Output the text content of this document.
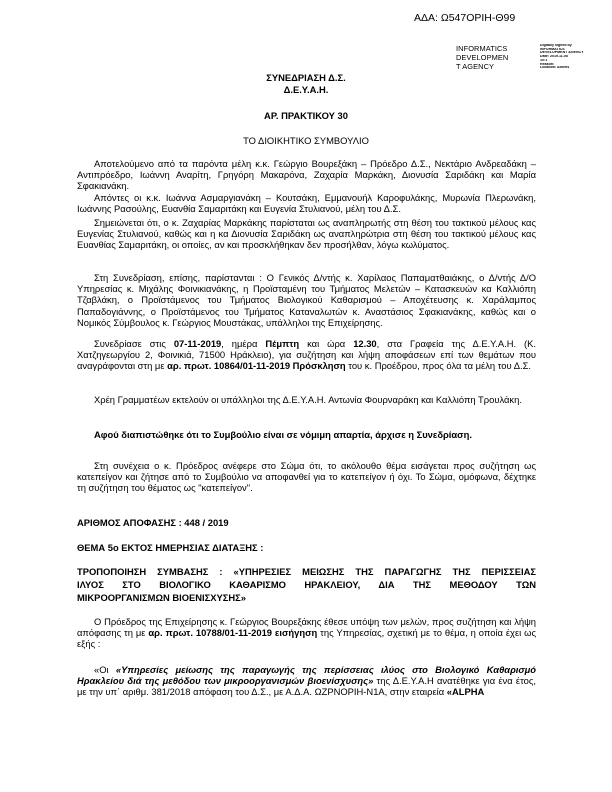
ΑΔΑ: Ω547ΟΡΙΗ-Θ99
INFORMATICS
DEVELOPMEN
T AGENCY
Digitally signed by
INFORMATICS
DEVELOPMENT AGENCY
Date: 2019.11.08
10:1
Reason:
Location: Athens
ΣΥΝΕΔΡΙΑΣΗ Δ.Σ.
Δ.Ε.Υ.Α.Η.
ΑΡ. ΠΡΑΚΤΙΚΟΥ 30
ΤΟ ΔΙΟΙΚΗΤΙΚΟ ΣΥΜΒΟΥΛΙΟ
Αποτελούμενο από τα παρόντα μέλη κ.κ. Γεώργιο Βουρεξάκη – Πρόεδρο Δ.Σ., Νεκτάριο Ανδρεαδάκη – Αντιπρόεδρο, Ιωάννη Αναρίτη, Γρηγόρη Μακαρόνα, Ζαχαρία Μαρκάκη, Διονυσία Σαριδάκη και Μαρία Σφακιανάκη.
Απόντες οι κ.κ. Ιωάννα Ασμαργιανάκη – Κουτσάκη, Εμμανουήλ Καροφυλάκης, Μυρωνία Πλερωνάκη, Ιωάννης Ρασούλης, Ευανθία Σαμαριτάκη και Ευγενία Στυλιανού, μέλη του Δ.Σ.
Σημειώνεται ότι, ο κ. Ζαχαρίας Μαρκάκης παρίσταται ως αναπληρωτής στη θέση του τακτικού μέλους κας Ευγενίας Στυλιανού, καθώς και η κα Διονυσία Σαριδάκη ως αναπληρώτρια στη θέση του τακτικού μέλους κας Ευανθίας Σαμαριτάκη, οι οποίες, αν και προσκλήθηκαν δεν προσήλθαν, λόγω κωλύματος.
Στη Συνεδρίαση, επίσης, παρίστανται : Ο Γενικός Δ/ντής κ. Χαρίλαος Παπαματθαιάκης, ο Δ/ντής Δ/Ο Υπηρεσίας κ. Μιχάλης Φοινικιανάκης, η Προϊσταμένη του Τμήματος Μελετών – Κατασκευών κα Καλλιόπη Τζαβλάκη, ο Προϊστάμενος του Τμήματος Βιολογικού Καθαρισμού – Αποχέτευσης κ. Χαράλαμπος Παπαδογιάννης, ο Προϊστάμενος του Τμήματος Καταναλωτών κ. Αναστάσιος Σφακιανάκης, καθώς και ο Νομικός Σύμβουλος κ. Γεώργιος Μουστάκας, υπάλληλοι της Επιχείρησης.
Συνεδρίασε στις 07-11-2019, ημέρα Πέμπτη και ώρα 12.30, στα Γραφεία της Δ.Ε.Υ.Α.Η. (Κ. Χατζηγεωργίου 2, Φοινικιά, 71500 Ηράκλειο), για συζήτηση και λήψη αποφάσεων επί των θεμάτων που αναγράφονται στη με αρ. πρωτ. 10864/01-11-2019 Πρόσκληση του κ. Προέδρου, προς όλα τα μέλη του Δ.Σ.
Χρέη Γραμματέων εκτελούν οι υπάλληλοι της Δ.Ε.Υ.Α.Η. Αντωνία Φουρναράκη και Καλλιόπη Τρουλάκη.
Αφού διαπιστώθηκε ότι το Συμβούλιο είναι σε νόμιμη απαρτία, άρχισε η Συνεδρίαση.
Στη συνέχεια ο κ. Πρόεδρος ανέφερε στο Σώμα ότι, το ακόλουθο θέμα εισάγεται προς συζήτηση ως κατεπείγον και ζήτησε από το Συμβούλιο να αποφανθεί για το κατεπείγον ή όχι. Το Σώμα, ομόφωνα, δέχτηκε τη συζήτηση του θέματος ως "κατεπείγον".
ΑΡΙΘΜΟΣ ΑΠΟΦΑΣΗΣ : 448 / 2019
ΘΕΜΑ 5ο ΕΚΤΟΣ ΗΜΕΡΗΣΙΑΣ ΔΙΑΤΑΞΗΣ :
ΤΡΟΠΟΠΟΙΗΣΗ ΣΥΜΒΑΣΗΣ : «ΥΠΗΡΕΣΙΕΣ ΜΕΙΩΣΗΣ ΤΗΣ ΠΑΡΑΓΩΓΗΣ ΤΗΣ ΠΕΡΙΣΣΕΙΑΣ
ΙΛΥΟΣ ΣΤΟ ΒΙΟΛΟΓΙΚΟ ΚΑΘΑΡΙΣΜΟ ΗΡΑΚΛΕΙΟΥ, ΔΙΑ ΤΗΣ ΜΕΘΟΔΟΥ ΤΩΝ
ΜΙΚΡΟΟΡΓΑΝΙΣΜΩΝ ΒΙΟΕΝΙΣΧΥΣΗΣ»
Ο Πρόεδρος της Επιχείρησης κ. Γεώργιος Βουρεξάκης έθεσε υπόψη των μελών, προς συζήτηση και λήψη απόφασης τη με αρ. πρωτ. 10788/01-11-2019 εισήγηση της Υπηρεσίας, σχετική με το θέμα, η οποία έχει ως εξής :
«Οι «Υπηρεσίες μείωσης της παραγωγής της περίσσειας ιλύος στο Βιολογικό Καθαρισμό Ηρακλείου διά της μεθόδου των μικροοργανισμών βιοενίσχυσης» της Δ.Ε.Υ.Α.Η ανατέθηκε για ένα έτος, με την υπ΄ αριθμ. 381/2018 απόφαση του Δ.Σ., με Α.Δ.Α. ΩΖΡΝΟΡΙΗ-Ν1Α, στην εταιρεία «ALPHA
